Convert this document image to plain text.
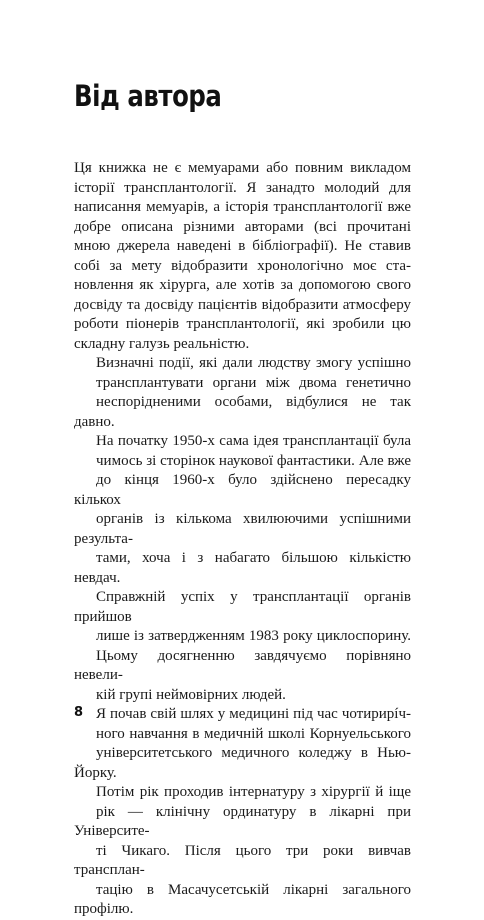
Від автора

Ця книжка не є мемуарами або повним викладом
історії трансплантології. Я занадто молодий для
написання мемуарів, а історія трансплантології вже
добре описана різними авторами (всі прочитані
мною джерела наведені в бібліографії). Не ставив
собі за мету відобразити хронологічно моє ста-
новлення як хірурга, але хотів за допомогою свого
досвіду та досвіду пацієнтів відобразити атмосферу
роботи піонерів трансплантології, які зробили цю
складну галузь реальністю.

Визначні події, які дали людству змогу успішно
трансплантувати органи між двома генетично
неспорідненими особами, відбулися не так давно.
На початку 1950-х сама ідея трансплантації була
чимось зі сторінок наукової фантастики. Але вже
до кінця 1960-х було здійснено пересадку кількох
органів із кількома хвилюючими успішними результа-
тами, хоча і з набагато більшою кількістю невдач.
Справжній успіх у трансплантації органів прийшов
лише із затвердженням 1983 року циклоспорину.
Цьому досягненню завдячуємо порівняно невели-
кій групі неймовірних людей.

Я почав свій шлях у медицині під час чотирирíч-
ного навчання в медичній школі Корнуельського
університетського медичного коледжу в Нью-Йорку.
Потім рік проходив інтернатуру з хірургії й іще
рік — клінічну ординатуру в лікарні при Університе-
ті Чикаго. Після цього три роки вивчав трансплан-
тацію в Масачусетській лікарні загального профілю.

8
